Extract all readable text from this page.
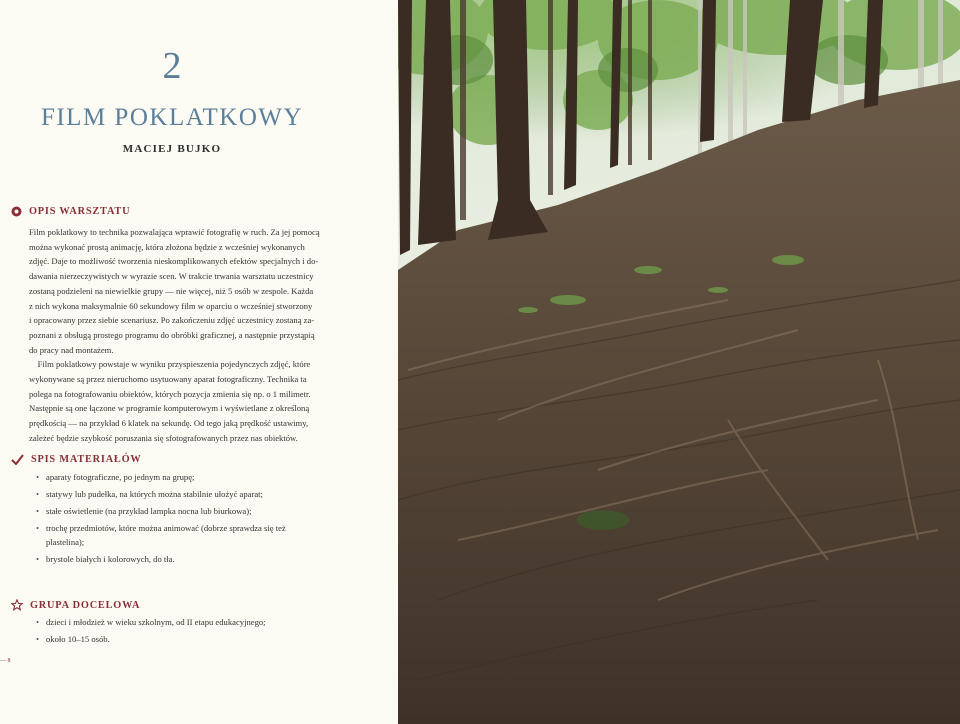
2
FILM POKLATKOWY
MACIEJ BUJKO
OPIS WARSZTATU

Film poklatkowy to technika pozwalająca wprawić fotografię w ruch. Za jej pomocą

można wykonać prostą animację, która złożona będzie z wcześniej wykonanych

zdjęć. Daje to możliwość tworzenia nieskomplikowanych efektów specjalnych i do-

dawania nierzeczywistych w wyrazie scen. W trakcie trwania warsztatu uczestnicy

zostaną podzieleni na niewielkie grupy — nie więcej, niż 5 osób w zespole. Każda

z nich wykona maksymalnie 60 sekundowy film w oparciu o wcześniej stworzony

i opracowany przez siebie scenariusz. Po zakończeniu zdjęć uczestnicy zostaną za-

poznani z obsługą prostego programu do obróbki graficznej, a następnie przystąpią

do pracy nad montażem.

Film poklatkowy powstaje w wyniku przyspieszenia pojedynczych zdjęć, które

wykonywane są przez nieruchomo usytuowany aparat fotograficzny. Technika ta

polega na fotografowaniu obiektów, których pozycja zmienia się np. o 1 milimetr.

Następnie są one łączone w programie komputerowym i wyświetlane z określoną

prędkością — na przykład 6 klatek na sekundę. Od tego jaką prędkość ustawimy,

zależeć będzie szybkość poruszania się sfotografowanych przez nas obiektów.

SPIS MATERIAŁÓW
• aparaty fotograficzne, po jednym na grupę;
• statywy lub pudełka, na których można stabilnie ułożyć aparat;
• stałe oświetlenie (na przykład lampka nocna lub biurkowa);
• trochę przedmiotów, które można animować (dobrze sprawdza się też plastelina);
• brystole białych i kolorowych, do tła.
GRUPA DOCELOWA
• dzieci i młodzież w wieku szkolnym, od II etapu edukacyjnego;
• około 10–15 osób.
— 8
